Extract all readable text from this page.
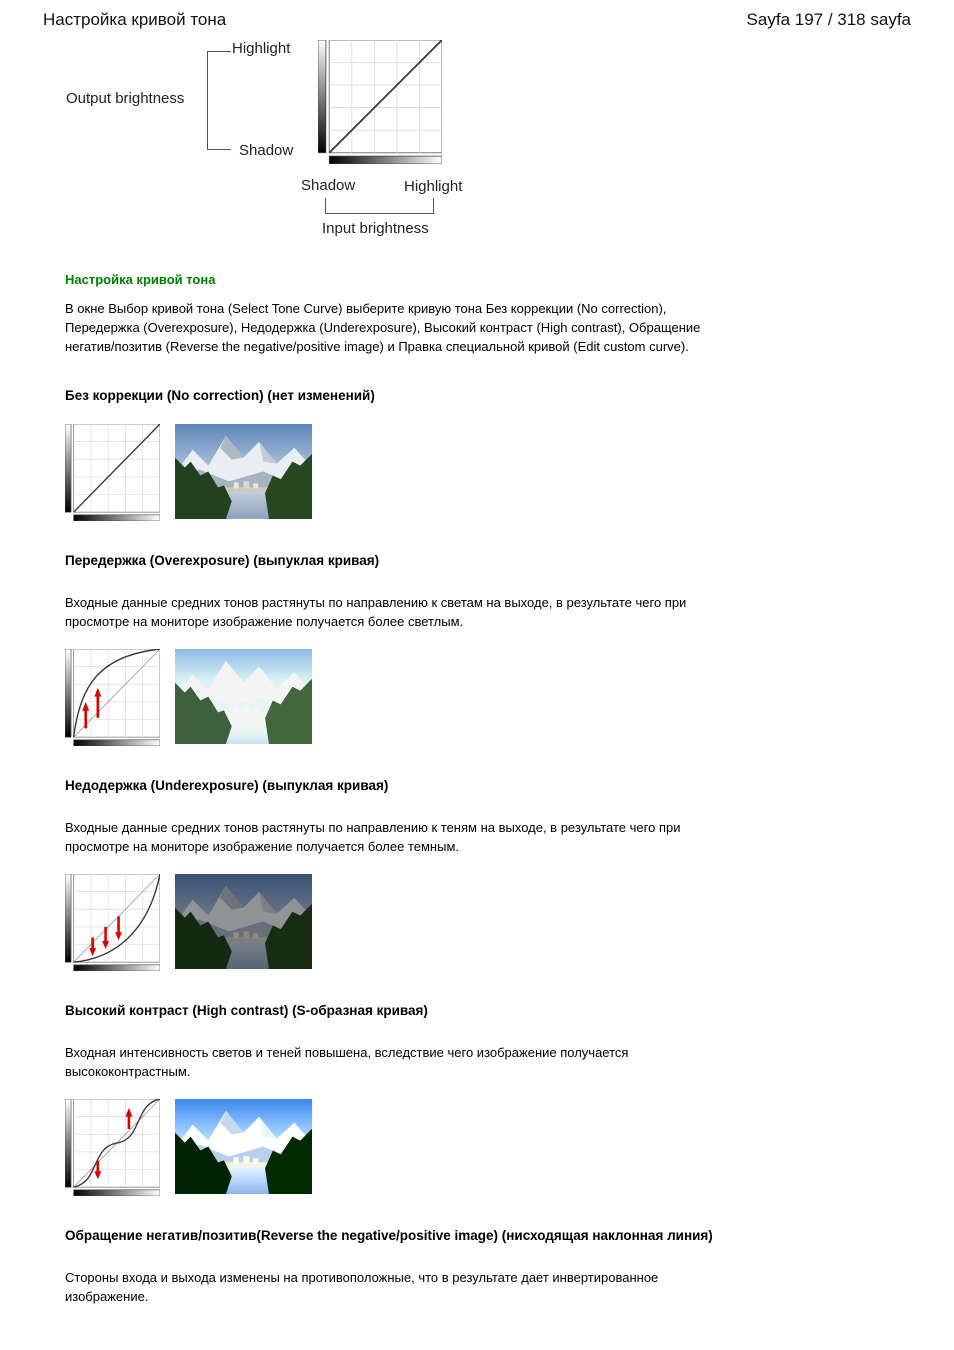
Настройка кривой тона	Sayfa 197 / 318 sayfa
Highlight
Output brightness
Shadow
Shadow	Highlight
Input brightness
Настройка кривой тона

В окне Выбор кривой тона (Select Tone Curve) выберите кривую тона Без коррекции (No correction), Передержка (Overexposure), Недодержка (Underexposure), Высокий контраст (High contrast), Обращение негатив/позитив (Reverse the negative/positive image) и Правка специальной кривой (Edit custom curve).

Без коррекции (No correction) (нет изменений)
Передержка (Overexposure) (выпуклая кривая)

Входные данные средних тонов растянуты по направлению к светам на выходе, в результате чего при просмотре на мониторе изображение получается более светлым.

Недодержка (Underexposure) (выпуклая кривая)

Входные данные средних тонов растянуты по направлению к теням на выходе, в результате чего при просмотре на мониторе изображение получается более темным.

Высокий контраст (High contrast) (S-образная кривая)

Входная интенсивность светов и теней повышена, вследствие чего изображение получается высококонтрастным.

Обращение негатив/позитив(Reverse the negative/positive image) (нисходящая наклонная линия)

Стороны входа и выхода изменены на противоположные, что в результате дает инвертированное изображение.
